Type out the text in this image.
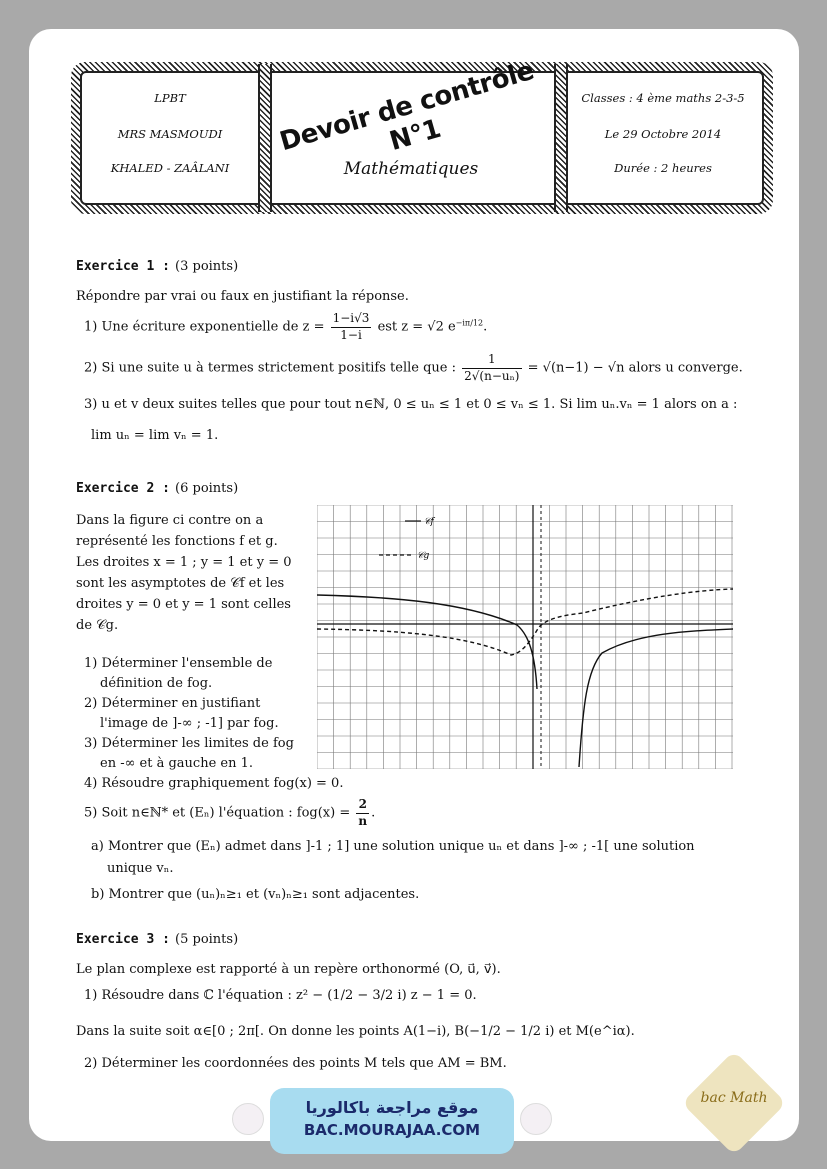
LPBT
MRS MASMOUDI
KHALED - ZAÂLANI
Devoir de contrôle N°1
Mathématiques
Classes : 4 ème maths 2-3-5
Le 29 Octobre 2014
Durée : 2 heures
Exercice 1 : (3 points)
Répondre par vrai ou faux en justifiant la réponse.
1) Une écriture exponentielle de $z = \frac{1-i√3}{1-i}$ est z = √2 $e^{-i\pi/12}$.
2) Si une suite u à termes strictement positifs telle que : $\frac{1}{\text{2√(n−uₙ)}} = √(n-1) - √n$ alors u converge.
3) u et v deux suites telles que pour tout n∈ℕ, 0 ≤ uₙ ≤ 1 et 0 ≤ vₙ ≤ 1. Si lim uₙ.vₙ = 1 alors on a :
lim uₙ = lim vₙ = 1.
Exercice 2 : (6 points)
Dans la figure ci contre on a
représenté les fonctions f et g.
Les droites x = 1 ; y = 1 et y = 0
sont les asymptotes de 𝒞f et les
droites y = 0 et y = 1 sont celles
de 𝒞g.
1) Déterminer l'ensemble de
définition de fog.
2) Déterminer en justifiant
l'image de ]-∞ ; -1] par fog.
3) Déterminer les limites de fog
en -∞ et à gauche en 1.
4) Résoudre graphiquement fog(x) = 0.
5) Soit n∈ℕ* et (Eₙ) l'équation : $fog(x) = \frac{2}{n}$ .
a) Montrer que (Eₙ) admet dans ]-1 ; 1] une solution unique uₙ et dans ]-∞ ; -1[ une solution
unique vₙ.
b) Montrer que (uₙ)ₙ≥₁ et (vₙ)ₙ≥₁ sont adjacentes.
𝒞f
𝒞g
Exercice 3 : (5 points)
Le plan complexe est rapporté à un repère orthonormé (O, u⃗, v⃗).
1) Résoudre dans ℂ l'équation : z² − (1/2 − 3/2 i) z − 1 = 0.
Dans la suite soit α∈[0 ; 2π[. On donne les points A(1−i), B(−1/2 − 1/2 i) et M(e^iα).
2) Déterminer les coordonnées des points M tels que AM = BM.
موقع مراجعة باكالوريا
BAC.MOURAJAA.COM
bac Math
